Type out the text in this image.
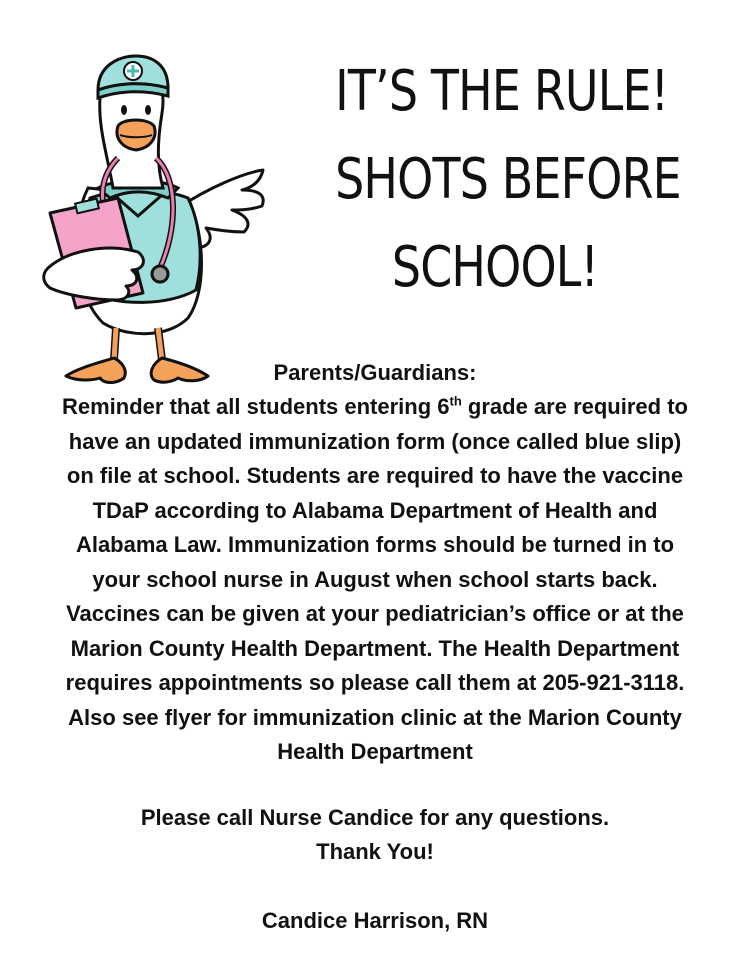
IT’S THE RULE!
SHOTS BEFORE
SCHOOL!
Parents/Guardians:
Reminder that all students entering 6th grade are required to
have an updated immunization form (once called blue slip)
on file at school. Students are required to have the vaccine
TDaP according to Alabama Department of Health and
Alabama Law. Immunization forms should be turned in to
your school nurse in August when school starts back.
Vaccines can be given at your pediatrician’s office or at the
Marion County Health Department. The Health Department
requires appointments so please call them at 205-921-3118.
Also see flyer for immunization clinic at the Marion County
Health Department
Please call Nurse Candice for any questions.
Thank You!
Candice Harrison, RN
